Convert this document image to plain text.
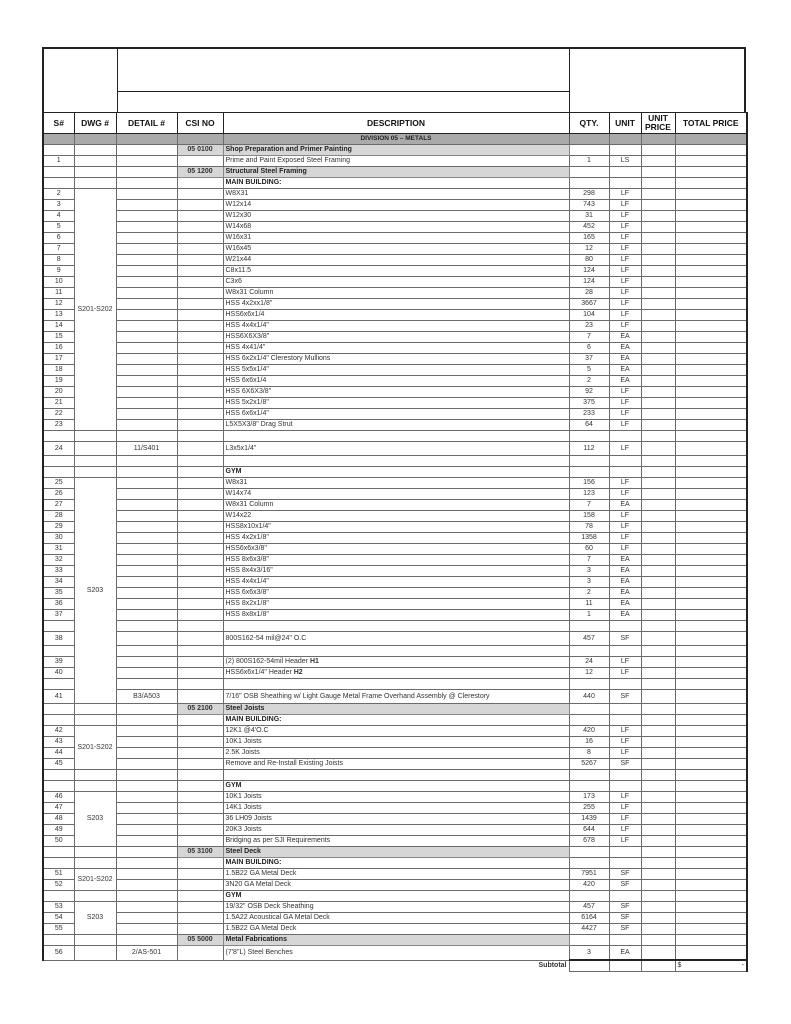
S#	DWG #	DETAIL #	CSI NO	DESCRIPTION	QTY.	UNIT	UNIT PRICE	TOTAL PRICE
				DIVISION 05 – METALS				
			05 0100	Shop Preparation and Primer Painting				
1				Prime and Paint Exposed Steel Framing	1	LS		
			05 1200	Structural Steel Framing				
				MAIN BUILDING:				
2	S201-S202			W8X31	298	LF		
3				W12x14	743	LF		
4				W12x30	31	LF		
5				W14x68	452	LF		
6				W16x31	165	LF		
7				W16x45	12	LF		
8				W21x44	80	LF		
9				C8x11.5	124	LF		
10				C3x6	124	LF		
11				W8x31 Column	28	LF		
12				HSS 4x2xx1/8"	3667	LF		
13				HSS6x6x1/4	104	LF		
14				HSS 4x4x1/4"	23	LF		
15				HSS6X6X3/8"	7	EA		
16				HSS 4x41/4"	6	EA		
17				HSS 6x2x1/4" Clerestory Mullions	37	EA		
18				HSS 5x5x1/4"	5	EA		
19				HSS 6x6x1/4	2	EA		
20				HSS 6X6X3/8"	92	LF		
21				HSS 5x2x1/8"	375	LF		
22				HSS 6x6x1/4"	233	LF		
23				L5X5X3/8" Drag Strut	64	LF		

24		11/S401		L3x5x1/4"	112	LF		

				GYM				
25	S203			W8x31	156	LF		
26				W14x74	123	LF		
27				W8x31 Column	7	EA		
28				W14x22	158	LF		
29				HSS8x10x1/4"	78	LF		
30				HSS 4x2x1/8"	1358	LF		
31				HSS6x6x3/8"	60	LF		
32				HSS 8x6x3/8"	7	EA		
33				HSS 8x4x3/16"	3	EA		
34				HSS 4x4x1/4"	3	EA		
35				HSS 6x6x3/8"	2	EA		
36				HSS 8x2x1/8"	11	EA		
37				HSS 8x8x1/8"	1	EA		

38				800S162-54 mil@24" O.C	457	SF		

39				(2) 800S162-54mil Header H1	24	LF		
40				HSS6x6x1/4" Header H2	12	LF		

41		B3/A503		7/16" OSB Sheathing w/ Light Gauge Metal Frame Overhand Assembly @ Clerestory	440	SF		
			05 2100	Steel Joists				
				MAIN BUILDING:				
42	S201-S202			12K1 @4'O.C	420	LF		
43				10K1 Joists	16	LF		
44				2.5K Joists	8	LF		
45				Remove and Re-Install Existing Joists	5267	SF		

				GYM				
46	S203			10K1 Joists	173	LF		
47				14K1 Joists	255	LF		
48				36 LH09 Joists	1439	LF		
49				20K3 Joists	644	LF		
50				Bridging as per SJI Requirements	678	LF		
			05 3100	Steel Deck				
				MAIN BUILDING:				
51	S201-S202			1.5B22 GA Metal Deck	7951	SF		
52				3N20 GA Metal Deck	420	SF		
				GYM				
53	S203			19/32" OSB Deck Sheathing	457	SF		
54				1.5A22 Acoustical GA Metal Deck	6164	SF		
55				1.5B22 GA Metal Deck	4427	SF		
			05 5000	Metal Fabrications				
56		2/AS-501		(7'8"L) Steel Benches	3	EA		
Subtotal								$ -
